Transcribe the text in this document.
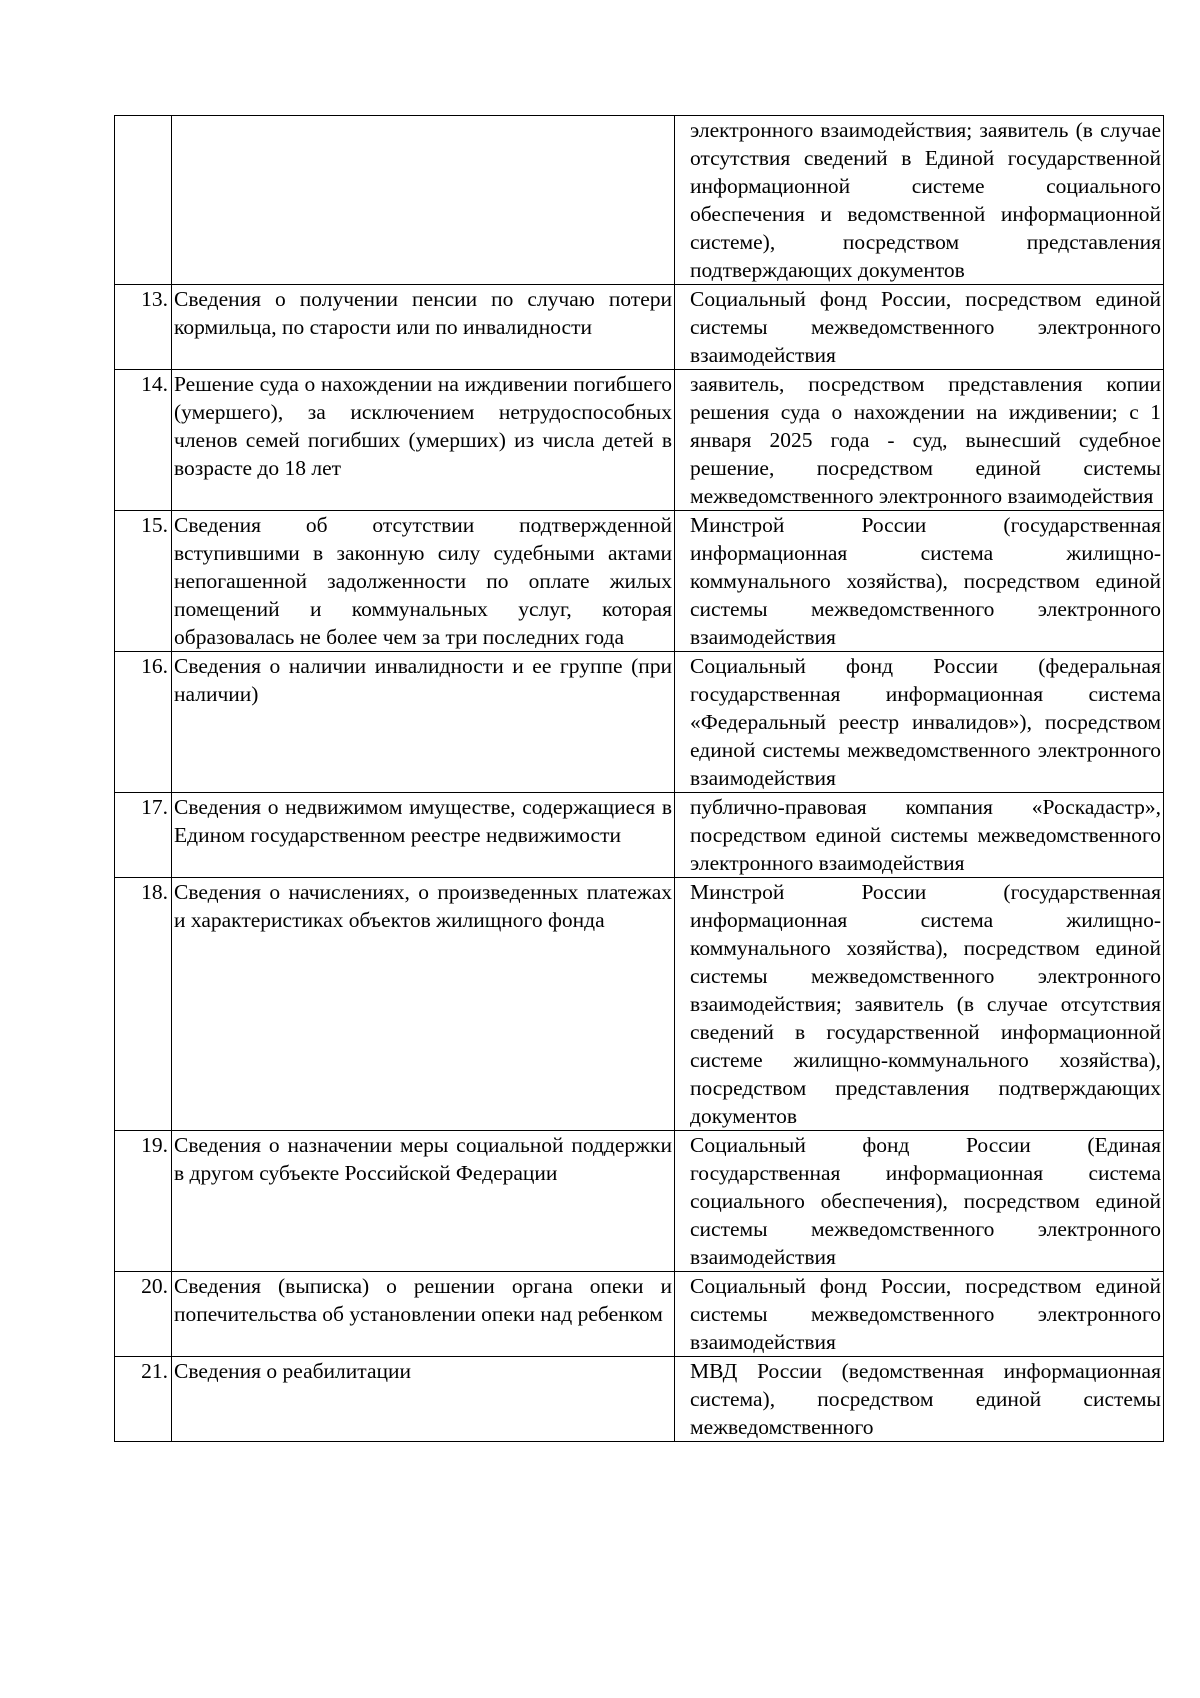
		электронного взаимодействия; заявитель (в случае отсутствия сведений в Единой государственной информационной системе социального обеспечения и ведомственной информационной системе), посредством представления подтверждающих документов
13.	Сведения о получении пенсии по случаю потери кормильца, по старости или по инвалидности	Социальный фонд России, посредством единой системы межведомственного электронного взаимодействия
14.	Решение суда о нахождении на иждивении погибшего (умершего), за исключением нетрудоспособных членов семей погибших (умерших) из числа детей в возрасте до 18 лет	заявитель, посредством представления копии решения суда о нахождении на иждивении; с 1 января 2025 года - суд, вынесший судебное решение, посредством единой системы межведомственного электронного взаимодействия
15.	Сведения об отсутствии подтвержденной вступившими в законную силу судебными актами непогашенной задолженности по оплате жилых помещений и коммунальных услуг, которая образовалась не более чем за три последних года	Минстрой России (государственная информационная система жилищно-коммунального хозяйства), посредством единой системы межведомственного электронного взаимодействия
16.	Сведения о наличии инвалидности и ее группе (при наличии)	Социальный фонд России (федеральная государственная информационная система «Федеральный реестр инвалидов»), посредством единой системы межведомственного электронного взаимодействия
17.	Сведения о недвижимом имуществе, содержащиеся в Едином государственном реестре недвижимости	публично-правовая компания «Роскадастр», посредством единой системы межведомственного электронного взаимодействия
18.	Сведения о начислениях, о произведенных платежах и характеристиках объектов жилищного фонда	Минстрой России (государственная информационная система жилищно-коммунального хозяйства), посредством единой системы межведомственного электронного взаимодействия; заявитель (в случае отсутствия сведений в государственной информационной системе жилищно-коммунального хозяйства), посредством представления подтверждающих документов
19.	Сведения о назначении меры социальной поддержки в другом субъекте Российской Федерации	Социальный фонд России (Единая государственная информационная система социального обеспечения), посредством единой системы межведомственного электронного взаимодействия
20.	Сведения (выписка) о решении органа опеки и попечительства об установлении опеки над ребенком	Социальный фонд России, посредством единой системы межведомственного электронного взаимодействия
21.	Сведения о реабилитации	МВД России (ведомственная информационная система), посредством единой системы межведомственного
